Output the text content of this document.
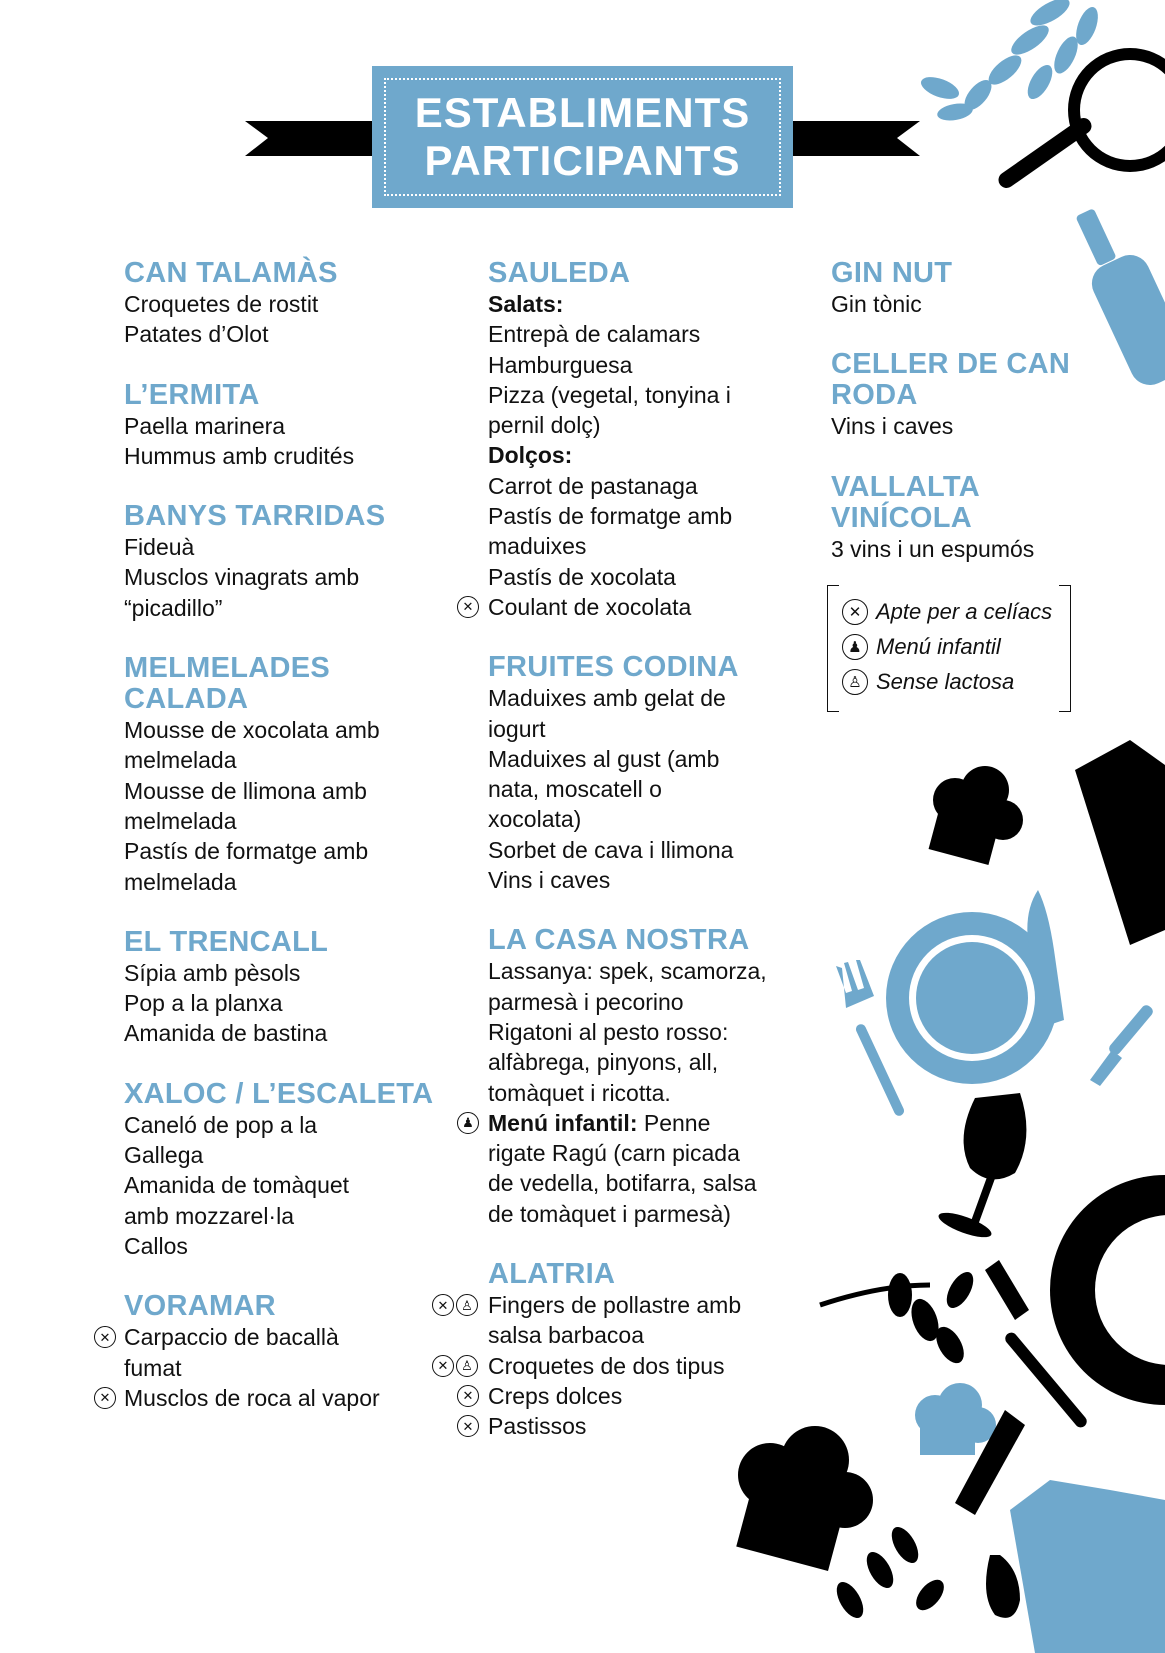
ESTABLIMENTS
PARTICIPANTS
CAN TALAMÀS
Croquetes de rostit
Patates d’Olot
L’ERMITA
Paella marinera
Hummus amb crudités
BANYS TARRIDAS
Fideuà
Musclos vinagrats amb
“picadillo”
MELMELADES
CALADA
Mousse de xocolata amb
melmelada
Mousse de llimona amb
melmelada
Pastís de formatge amb
melmelada
EL TRENCALL
Sípia amb pèsols
Pop a la planxa
Amanida de bastina
XALOC / L’ESCALETA
Caneló de pop a la
Gallega
Amanida de tomàquet
amb mozzarel·la
Callos
VORAMAR
✕ Carpaccio de bacallà
fumat
✕ Musclos de roca al vapor
SAULEDA
Salats:
Entrepà de calamars
Hamburguesa
Pizza (vegetal, tonyina i
pernil dolç)
Dolços:
Carrot de pastanaga
Pastís de formatge amb
maduixes
Pastís de xocolata
✕ Coulant de xocolata
FRUITES CODINA
Maduixes amb gelat de
iogurt
Maduixes al gust (amb
nata, moscatell o
xocolata)
Sorbet de cava i llimona
Vins i caves
LA CASA NOSTRA
Lassanya: spek, scamorza,
parmesà i pecorino
Rigatoni al pesto rosso:
alfàbrega, pinyons, all,
tomàquet i ricotta.
♟ Menú infantil: Penne
rigate Ragú (carn picada
de vedella, botifarra, salsa
de tomàquet i parmesà)
ALATRIA
✕ ♙ Fingers de pollastre amb
salsa barbacoa
✕ ♙ Croquetes de dos tipus
✕ Creps dolces
✕ Pastissos
GIN NUT
Gin tònic
CELLER DE CAN
RODA
Vins i caves
VALLALTA
VINÍCOLA
3 vins i un espumós
✕ Apte per a celíacs
♟ Menú infantil
♙ Sense lactosa
